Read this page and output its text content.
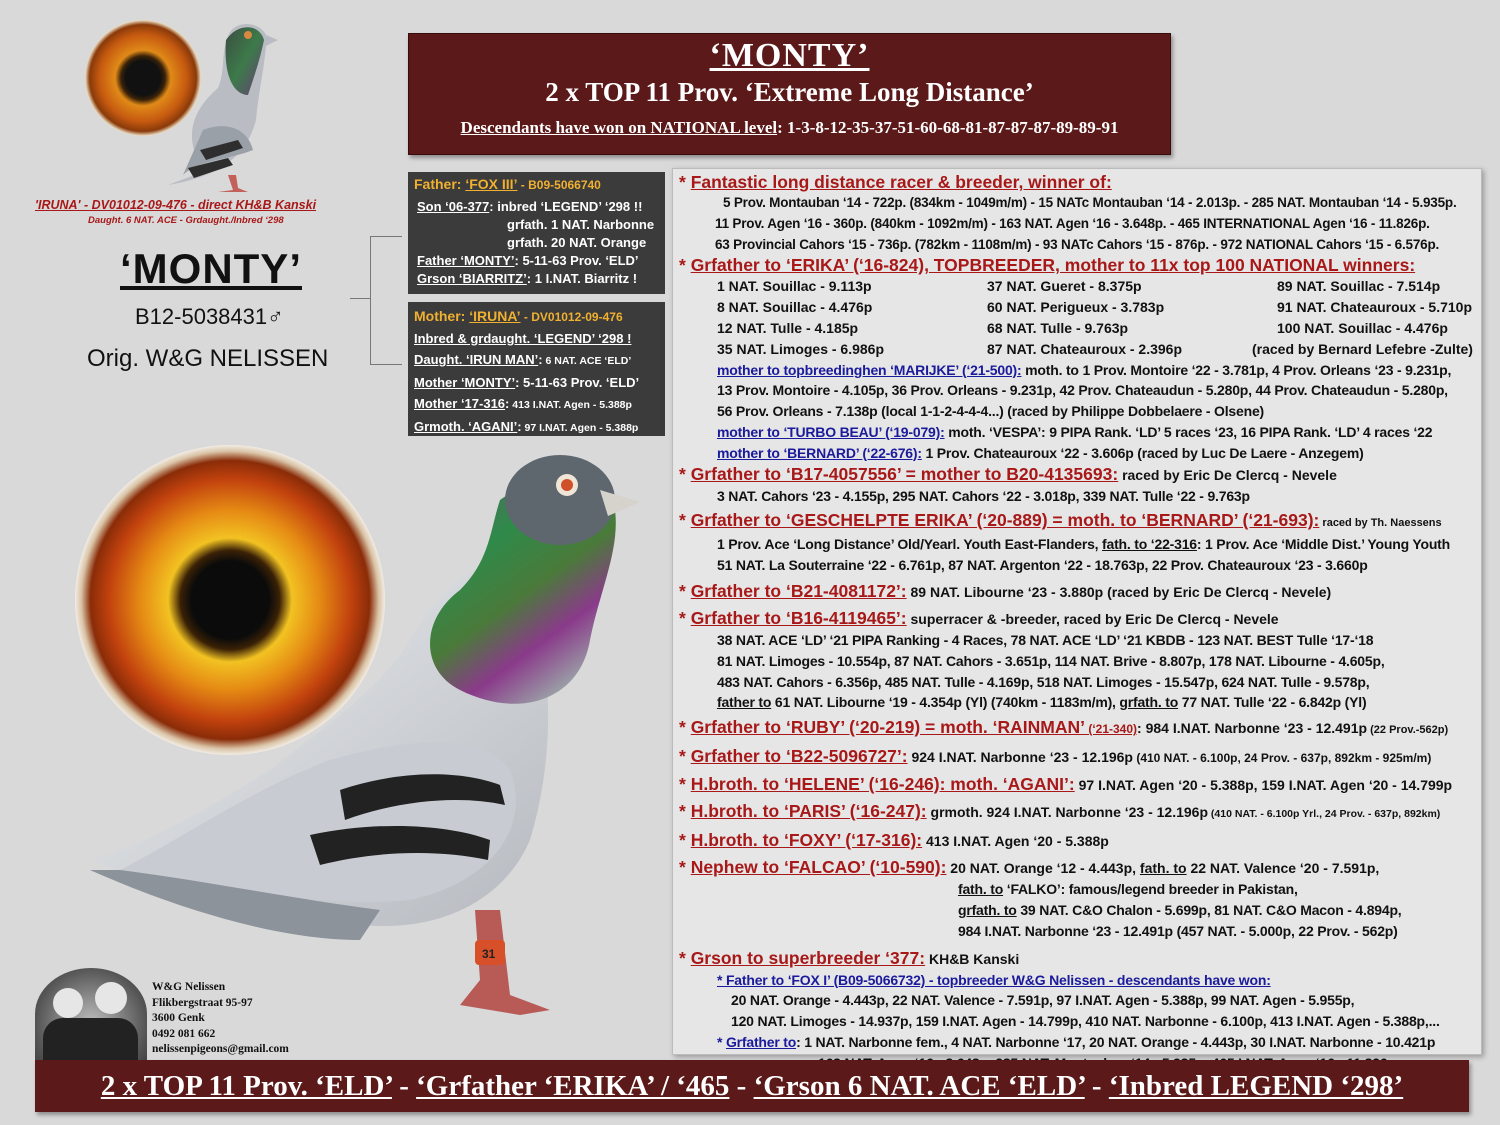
'IRUNA' - DV01012-09-476 - direct KH&B Kanski
Daught. 6 NAT. ACE - Grdaught./Inbred ‘298
‘MONTY’
B12-5038431♂
Orig. W&G NELISSEN
‘MONTY’
2 x TOP 11 Prov. ‘Extreme Long Distance’
Descendants have won on NATIONAL level: 1-3-8-12-35-37-51-60-68-81-87-87-87-89-89-91
Father: ‘FOX III’ - B09-5066740
Son ‘06-377: inbred ‘LEGEND’ ‘298 !!
grfath. 1 NAT. Narbonne
grfath. 20 NAT. Orange
Father ‘MONTY’: 5-11-63 Prov. ‘ELD’
Grson ‘BIARRITZ’: 1 I.NAT. Biarritz !
Mother: ‘IRUNA’ - DV01012-09-476
Inbred & grdaught. ‘LEGEND’ ‘298 !
Daught. ‘IRUN MAN’: 6 NAT. ACE ‘ELD’
Mother ‘MONTY’: 5-11-63 Prov. ‘ELD’
Mother ‘17-316: 413 I.NAT. Agen - 5.388p
Grmoth. ‘AGANI’: 97 I.NAT. Agen - 5.388p
31
W&G Nelissen
Flikbergstraat 95-97
3600 Genk
0492 081 662
nelissenpigeons@gmail.com
* Fantastic long distance racer & breeder, winner of:
5 Prov. Montauban ‘14 - 722p. (834km - 1049m/m) - 15 NATc Montauban ‘14 - 2.013p. - 285 NAT. Montauban ‘14 - 5.935p.
11 Prov. Agen ‘16 - 360p. (840km - 1092m/m) - 163 NAT. Agen ‘16 - 3.648p. - 465 INTERNATIONAL Agen ‘16 - 11.826p.
63 Provincial Cahors ‘15 - 736p. (782km - 1108m/m) - 93 NATc Cahors ‘15 - 876p. - 972 NATIONAL Cahors ‘15 - 6.576p.
* Grfather to ‘ERIKA’ (‘16-824), TOPBREEDER, mother to 11x top 100 NATIONAL winners:
1 NAT. Souillac - 9.113p	37 NAT. Gueret - 8.375p	89 NAT. Souillac - 7.514p
8 NAT. Souillac - 4.476p	60 NAT. Perigueux - 3.783p	91 NAT. Chateauroux - 5.710p
12 NAT. Tulle - 4.185p	68 NAT. Tulle - 9.763p	100 NAT. Souillac - 4.476p
35 NAT. Limoges - 6.986p	87 NAT. Chateauroux - 2.396p	(raced by Bernard Lefebre -Zulte)
mother to topbreedinghen ‘MARIJKE’ (‘21-500): moth. to 1 Prov. Montoire ‘22 - 3.781p, 4 Prov. Orleans ‘23 - 9.231p,
13 Prov. Montoire - 4.105p, 36 Prov. Orleans - 9.231p, 42 Prov. Chateaudun - 5.280p, 44 Prov. Chateaudun - 5.280p,
56 Prov. Orleans - 7.138p (local 1-1-2-4-4-4...) (raced by Philippe Dobbelaere - Olsene)
mother to ‘TURBO BEAU’ (‘19-079): moth. ‘VESPA’: 9 PIPA Rank. ‘LD’ 5 races ‘23, 16 PIPA Rank. ‘LD’ 4 races ‘22
mother to ‘BERNARD’ (‘22-676): 1 Prov. Chateauroux ‘22 - 3.606p (raced by Luc De Laere - Anzegem)
* Grfather to ‘B17-4057556’ = mother to B20-4135693: raced by Eric De Clercq - Nevele
3 NAT. Cahors ‘23 - 4.155p, 295 NAT. Cahors ‘22 - 3.018p, 339 NAT. Tulle ‘22 - 9.763p
* Grfather to ‘GESCHELPTE ERIKA’ (‘20-889) = moth. to ‘BERNARD’ (‘21-693): raced by Th. Naessens
1 Prov. Ace ‘Long Distance’ Old/Yearl. Youth East-Flanders, fath. to ‘22-316: 1 Prov. Ace ‘Middle Dist.’ Young Youth
51 NAT. La Souterraine ‘22 - 6.761p, 87 NAT. Argenton ‘22 - 18.763p, 22 Prov. Chateauroux ‘23 - 3.660p
* Grfather to ‘B21-4081172’: 89 NAT. Libourne ‘23 - 3.880p (raced by Eric De Clercq - Nevele)
* Grfather to ‘B16-4119465’: superracer & -breeder, raced by Eric De Clercq - Nevele
38 NAT. ACE ‘LD’ ‘21 PIPA Ranking - 4 Races, 78 NAT. ACE ‘LD’ ‘21 KBDB - 123 NAT. BEST Tulle ‘17-‘18
81 NAT. Limoges - 10.554p, 87 NAT. Cahors - 3.651p, 114 NAT. Brive - 8.807p, 178 NAT. Libourne - 4.605p,
483 NAT. Cahors - 6.356p, 485 NAT. Tulle - 4.169p, 518 NAT. Limoges - 15.547p, 624 NAT. Tulle - 9.578p,
father to 61 NAT. Libourne ‘19 - 4.354p (Yl) (740km - 1183m/m), grfath. to 77 NAT. Tulle ‘22 - 6.842p (Yl)
* Grfather to ‘RUBY’ (‘20-219) = moth. ‘RAINMAN’ (‘21-340): 984 I.NAT. Narbonne ‘23 - 12.491p (22 Prov.-562p)
* Grfather to ‘B22-5096727’: 924 I.NAT. Narbonne ‘23 - 12.196p (410 NAT. - 6.100p, 24 Prov. - 637p, 892km - 925m/m)
* H.broth. to ‘HELENE’ (‘16-246): moth. ‘AGANI’: 97 I.NAT. Agen ‘20 - 5.388p, 159 I.NAT. Agen ‘20 - 14.799p
* H.broth. to ‘PARIS’ (‘16-247): grmoth. 924 I.NAT. Narbonne ‘23 - 12.196p (410 NAT. - 6.100p Yrl., 24 Prov. - 637p, 892km)
* H.broth. to ‘FOXY’ (‘17-316): 413 I.NAT. Agen ‘20 - 5.388p
* Nephew to ‘FALCAO’ (‘10-590): 20 NAT. Orange ‘12 - 4.443p, fath. to 22 NAT. Valence ‘20 - 7.591p,
fath. to ‘FALKO’: famous/legend breeder in Pakistan,
grfath. to 39 NAT. C&O Chalon - 5.699p, 81 NAT. C&O Macon - 4.894p,
984 I.NAT. Narbonne ‘23 - 12.491p (457 NAT. - 5.000p, 22 Prov. - 562p)
* Grson to superbreeder ‘377: KH&B Kanski
* Father to ‘FOX I’ (B09-5066732) - topbreeder W&G Nelissen - descendants have won:
20 NAT. Orange - 4.443p, 22 NAT. Valence - 7.591p, 97 I.NAT. Agen - 5.388p, 99 NAT. Agen - 5.955p,
120 NAT. Limoges - 14.937p, 159 I.NAT. Agen - 14.799p, 410 NAT. Narbonne - 6.100p, 413 I.NAT. Agen - 5.388p,...
* Grfather to: 1 NAT. Narbonne fem., 4 NAT. Narbonne ‘17, 20 NAT. Orange - 4.443p, 30 I.NAT. Narbonne - 10.421p
2 x TOP 11 Prov. ‘ELD’ - ‘Grfather ‘ERIKA’ / ‘465 - ‘Grson 6 NAT. ACE ‘ELD’ - ‘Inbred LEGEND ‘298’
